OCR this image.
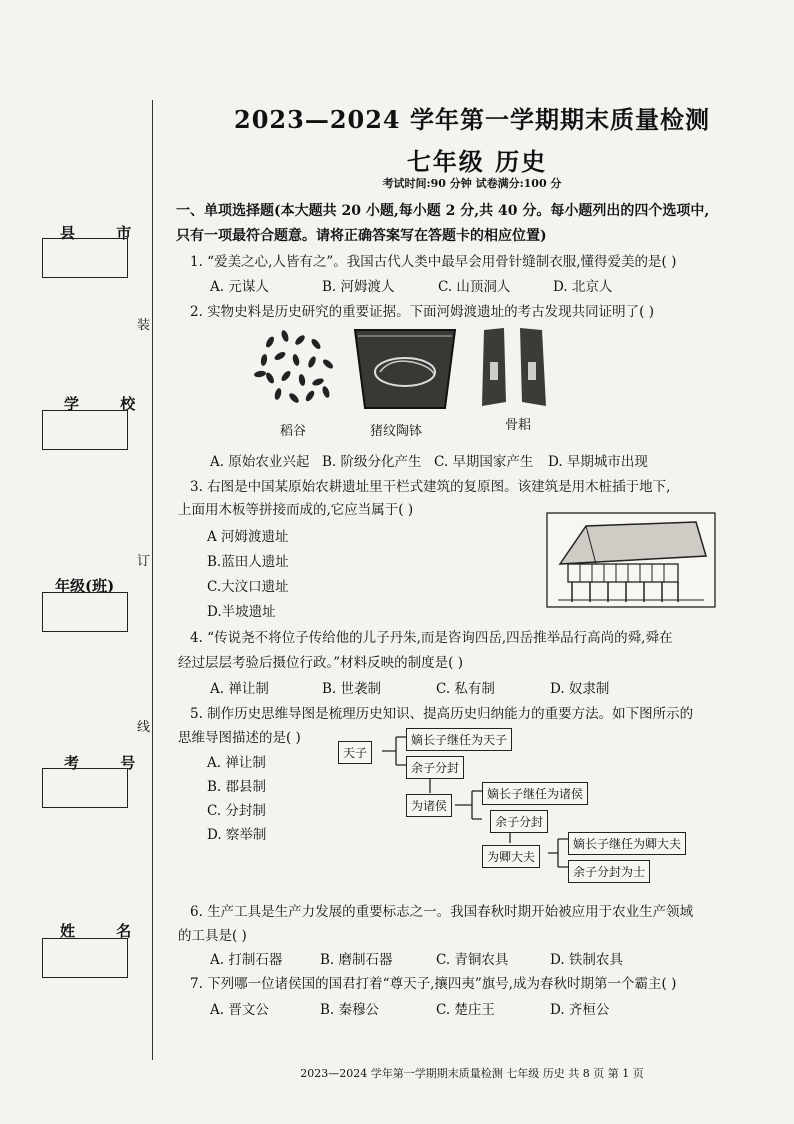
2023—2024 学年第一学期期末质量检测
七年级 历史
考试时间:90 分钟 试卷满分:100 分
装
订
线
县 市
学 校
年级(班)
考 号
姓 名
一、单项选择题(本大题共 20 小题,每小题 2 分,共 40 分。每小题列出的四个选项中,
只有一项最符合题意。请将正确答案写在答题卡的相应位置)
1. “爱美之心,人皆有之”。我国古代人类中最早会用骨针缝制衣服,懂得爱美的是( )
A. 元谋人	B. 河姆渡人	C. 山顶洞人	D. 北京人
2. 实物史料是历史研究的重要证据。下面河姆渡遗址的考古发现共同证明了( )
稻谷	猪纹陶钵	骨耜
A. 原始农业兴起 B. 阶级分化产生 C. 早期国家产生 D. 早期城市出现
3. 右图是中国某原始农耕遗址里干栏式建筑的复原图。该建筑是用木桩插于地下,
上面用木板等拼接而成的,它应当属于( )
A 河姆渡遗址
B.蓝田人遗址
C.大汶口遗址
D.半坡遗址
4. “传说尧不将位子传给他的儿子丹朱,而是咨询四岳,四岳推举品行高尚的舜,舜在
经过层层考验后摄位行政。”材料反映的制度是( )
A. 禅让制	B. 世袭制	C. 私有制	D. 奴隶制
5. 制作历史思维导图是梳理历史知识、提高历史归纳能力的重要方法。如下图所示的
思维导图描述的是( )
A. 禅让制
B. 郡县制
C. 分封制
D. 察举制
天子
嫡长子继任为天子
余子分封
为诸侯
嫡长子继任为诸侯
余子分封
为卿大夫
嫡长子继任为卿大夫
余子分封为士
6. 生产工具是生产力发展的重要标志之一。我国春秋时期开始被应用于农业生产领域
的工具是( )
A. 打制石器	B. 磨制石器	C. 青铜农具	D. 铁制农具
7. 下列哪一位诸侯国的国君打着“尊天子,攘四夷”旗号,成为春秋时期第一个霸主( )
A. 晋文公	B. 秦穆公	C. 楚庄王	D. 齐桓公
2023—2024 学年第一学期期末质量检测 七年级 历史 共 8 页 第 1 页
